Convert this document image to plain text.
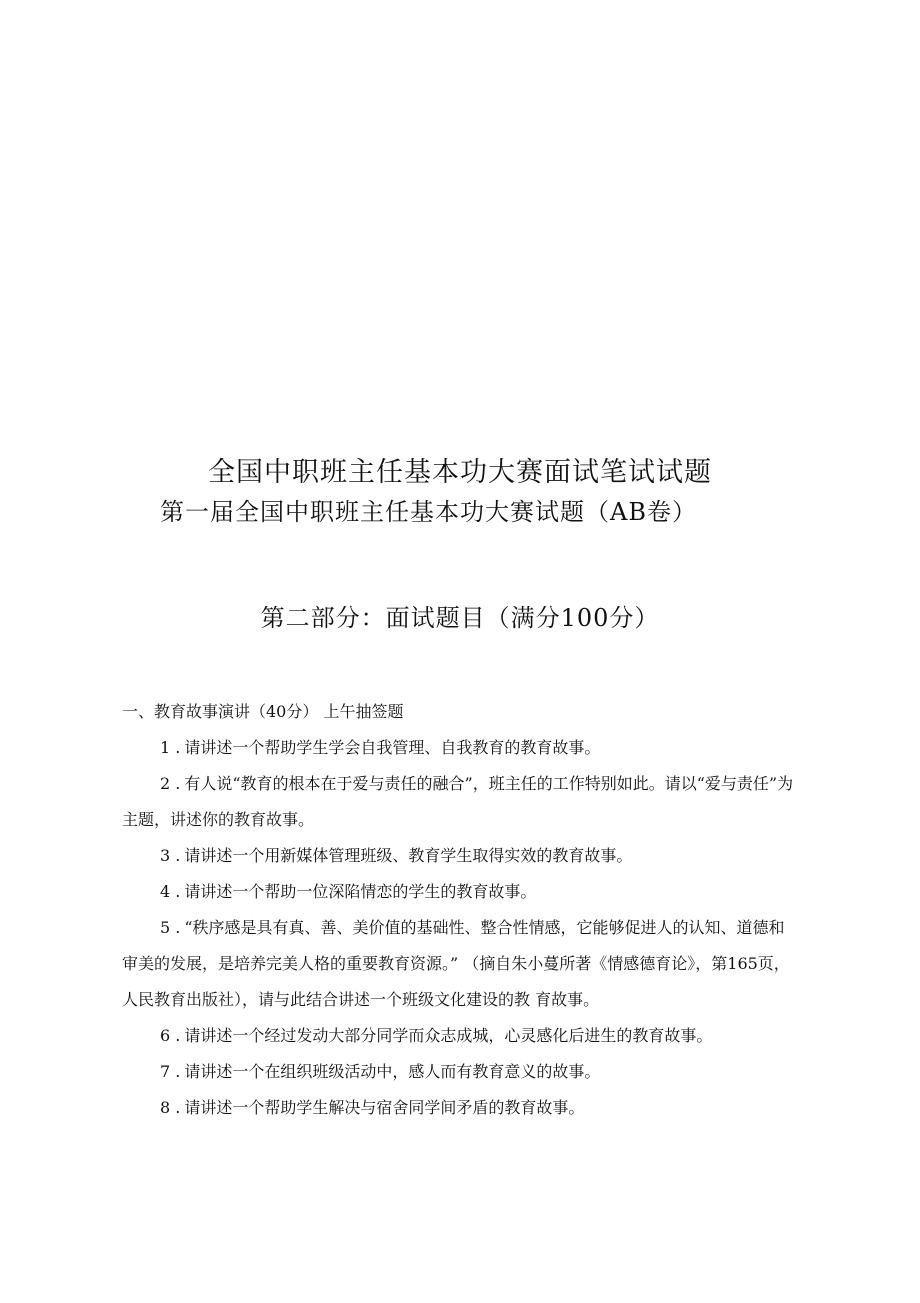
全国中职班主任基本功大赛面试笔试试题
第一届全国中职班主任基本功大赛试题（AB卷）
第二部分：面试题目（满分100分）

一、教育故事演讲（40分） 上午抽签题

1 . 请讲述一个帮助学生学会自我管理、自我教育的教育故事。

2 . 有人说“教育的根本在于爱与责任的融合”，班主任的工作特别如此。请以“爱与责任”为主题，讲述你的教育故事。

3 . 请讲述一个用新媒体管理班级、教育学生取得实效的教育故事。

4 . 请讲述一个帮助一位深陷情恋的学生的教育故事。

5 . “秩序感是具有真、善、美价值的基础性、整合性情感，它能够促进人的认知、道德和审美的发展，是培养完美人格的重要教育资源。” （摘自朱小蔓所著《情感德育论》，第165页，人民教育出版社），请与此结合讲述一个班级文化建设的教 育故事。

6 . 请讲述一个经过发动大部分同学而众志成城，心灵感化后进生的教育故事。

7 . 请讲述一个在组织班级活动中，感人而有教育意义的故事。

8 . 请讲述一个帮助学生解决与宿舍同学间矛盾的教育故事。
